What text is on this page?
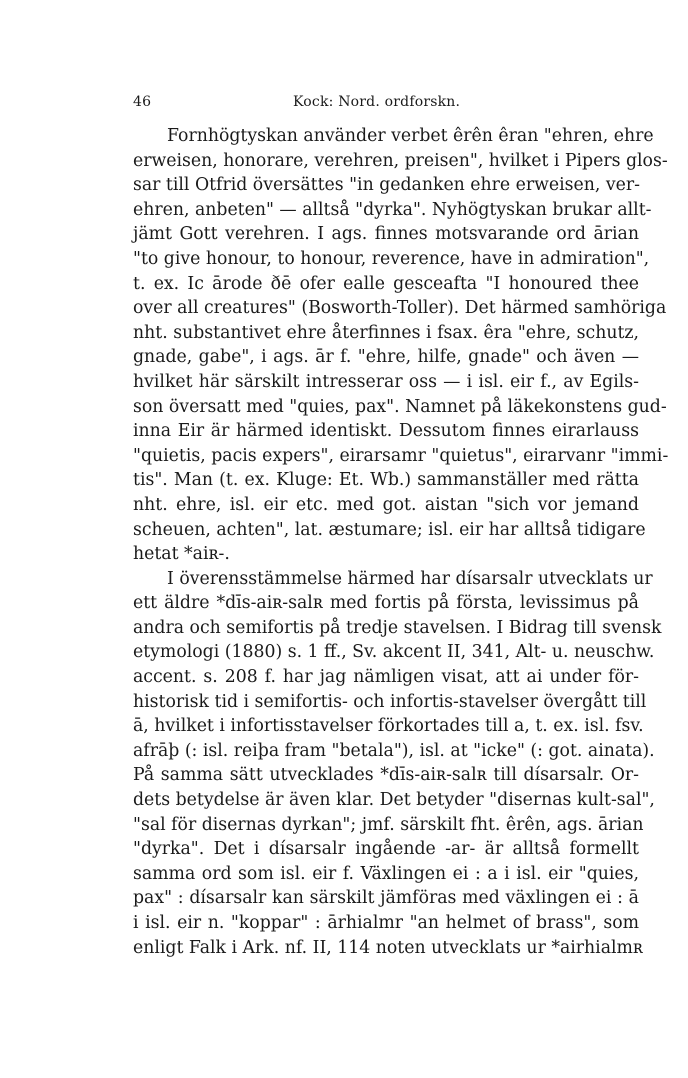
46	Kock: Nord. ordforskn.

Fornhögtyskan använder verbet êrên êran "ehren, ehre
erweisen, honorare, verehren, preisen", hvilket i Pipers glos-
sar till Otfrid översättes "in gedanken ehre erweisen, ver-
ehren, anbeten" — alltså "dyrka". Nyhögtyskan brukar allt-
jämt Gott verehren. I ags. finnes motsvarande ord ārian
"to give honour, to honour, reverence, have in admiration",
t. ex. Ic ārode ðē ofer ealle gesceafta "I honoured thee
over all creatures" (Bosworth-Toller). Det härmed samhöriga
nht. substantivet ehre återfinnes i fsax. êra "ehre, schutz,
gnade, gabe", i ags. ār f. "ehre, hilfe, gnade" och även —
hvilket här särskilt intresserar oss — i isl. eir f., av Egils-
son översatt med "quies, pax". Namnet på läkekonstens gud-
inna Eir är härmed identiskt. Dessutom finnes eirarlauss
"quietis, pacis expers", eirarsamr "quietus", eirarvanr "immi-
tis". Man (t. ex. Kluge: Et. Wb.) sammanställer med rätta
nht. ehre, isl. eir etc. med got. aistan "sich vor jemand
scheuen, achten", lat. æstumare; isl. eir har alltså tidigare
hetat *aiʀ-.

I överensstämmelse härmed har dísarsalr utvecklats ur
ett äldre *dīs-aiʀ-salʀ med fortis på första, levissimus på
andra och semifortis på tredje stavelsen. I Bidrag till svensk
etymologi (1880) s. 1 ff., Sv. akcent II, 341, Alt- u. neuschw.
accent. s. 208 f. har jag nämligen visat, att ai under för-
historisk tid i semifortis- och infortis-stavelser övergått till
ā, hvilket i infortisstavelser förkortades till a, t. ex. isl. fsv.
afrāþ (: isl. reiþa fram "betala"), isl. at "icke" (: got. ainata).
På samma sätt utvecklades *dīs-aiʀ-salʀ till dísarsalr. Or-
dets betydelse är även klar. Det betyder "disernas kult-sal",
"sal för disernas dyrkan"; jmf. särskilt fht. êrên, ags. ārian
"dyrka". Det i dísarsalr ingående -ar- är alltså formellt
samma ord som isl. eir f. Växlingen ei : a i isl. eir "quies,
pax" : dísarsalr kan särskilt jämföras med växlingen ei : ā
i isl. eir n. "koppar" : ārhialmr "an helmet of brass", som
enligt Falk i Ark. nf. II, 114 noten utvecklats ur *airhialmʀ
